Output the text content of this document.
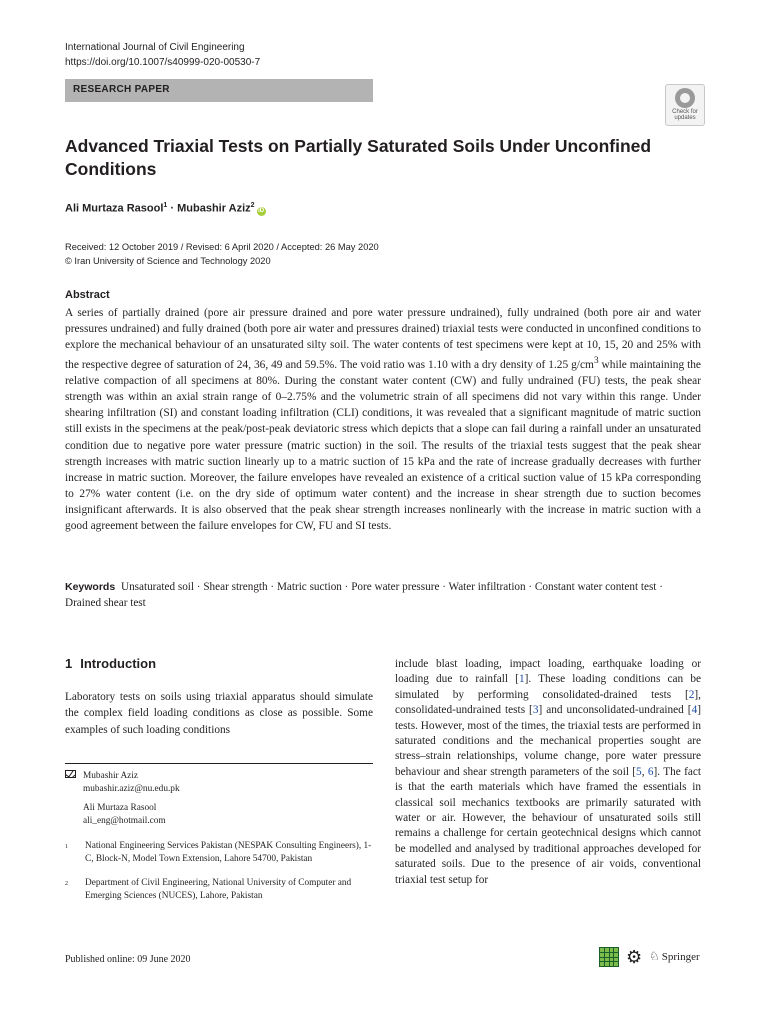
International Journal of Civil Engineering
https://doi.org/10.1007/s40999-020-00530-7
RESEARCH PAPER
Check for updates
Advanced Triaxial Tests on Partially Saturated Soils Under Unconfined Conditions
Ali Murtaza Rasool$^1$ · Mubashir Aziz$^2$iD
Received: 12 October 2019 / Revised: 6 April 2020 / Accepted: 26 May 2020
© Iran University of Science and Technology 2020
Abstract
A series of partially drained (pore air pressure drained and pore water pressure undrained), fully undrained (both pore air and water pressures undrained) and fully drained (both pore air water and pressures drained) triaxial tests were conducted in unconfined conditions to explore the mechanical behaviour of an unsaturated silty soil. The water contents of test specimens were kept at 10, 15, 20 and 25% with the respective degree of saturation of 24, 36, 49 and 59.5%. The void ratio was 1.10 with a dry density of 1.25 $g/cm^3$ while maintaining the relative compaction of all specimens at 80%. During the constant water content (CW) and fully undrained (FU) tests, the peak shear strength was within an axial strain range of 0–2.75% and the volumetric strain of all specimens did not vary within this range. Under shearing infiltration (SI) and constant loading infiltration (CLI) conditions, it was revealed that a significant magnitude of matric suction still exists in the specimens at the peak/post-peak deviatoric stress which depicts that a slope can fail during a rainfall under an unsaturated condition due to negative pore water pressure (matric suction) in the soil. The results of the triaxial tests suggest that the peak shear strength increases with matric suction linearly up to a matric suction of 15 kPa and the rate of increase gradually decreases with further increase in matric suction. Moreover, the failure envelopes have revealed an existence of a critical suction value of 15 kPa corresponding to 27% water content (i.e. on the dry side of optimum water content) and the increase in shear strength due to suction becomes insignificant afterwards. It is also observed that the peak shear strength increases nonlinearly with the increase in matric suction with a good agreement between the failure envelopes for CW, FU and SI tests.
Keywords Unsaturated soil · Shear strength · Matric suction · Pore water pressure · Water infiltration · Constant water content test · Drained shear test
1 Introduction
Laboratory tests on soils using triaxial apparatus should simulate the complex field loading conditions as close as possible. Some examples of such loading conditions
include blast loading, impact loading, earthquake loading or loading due to rainfall [1]. These loading conditions can be simulated by performing consolidated-drained tests [2], consolidated-undrained tests [3] and unconsolidated-undrained [4] tests. However, most of the times, the triaxial tests are performed in saturated conditions and the mechanical properties sought are stress–strain relationships, volume change, pore water pressure behaviour and shear strength parameters of the soil [5, 6]. The fact is that the earth materials which have framed the essentials in classical soil mechanics textbooks are primarily saturated with water or air. However, the behaviour of unsaturated soils still remains a challenge for certain geotechnical designs which cannot be modelled and analysed by traditional approaches developed for saturated soils. Due to the presence of air voids, conventional triaxial test setup for
Mubashir Aziz
mubashir.aziz@nu.edu.pk
Ali Murtaza Rasool
ali_eng@hotmail.com
1 National Engineering Services Pakistan (NESPAK Consulting Engineers), 1-C, Block-N, Model Town Extension, Lahore 54700, Pakistan
2 Department of Civil Engineering, National University of Computer and Emerging Sciences (NUCES), Lahore, Pakistan
Published online: 09 June 2020	⚙ ♘ Springer
